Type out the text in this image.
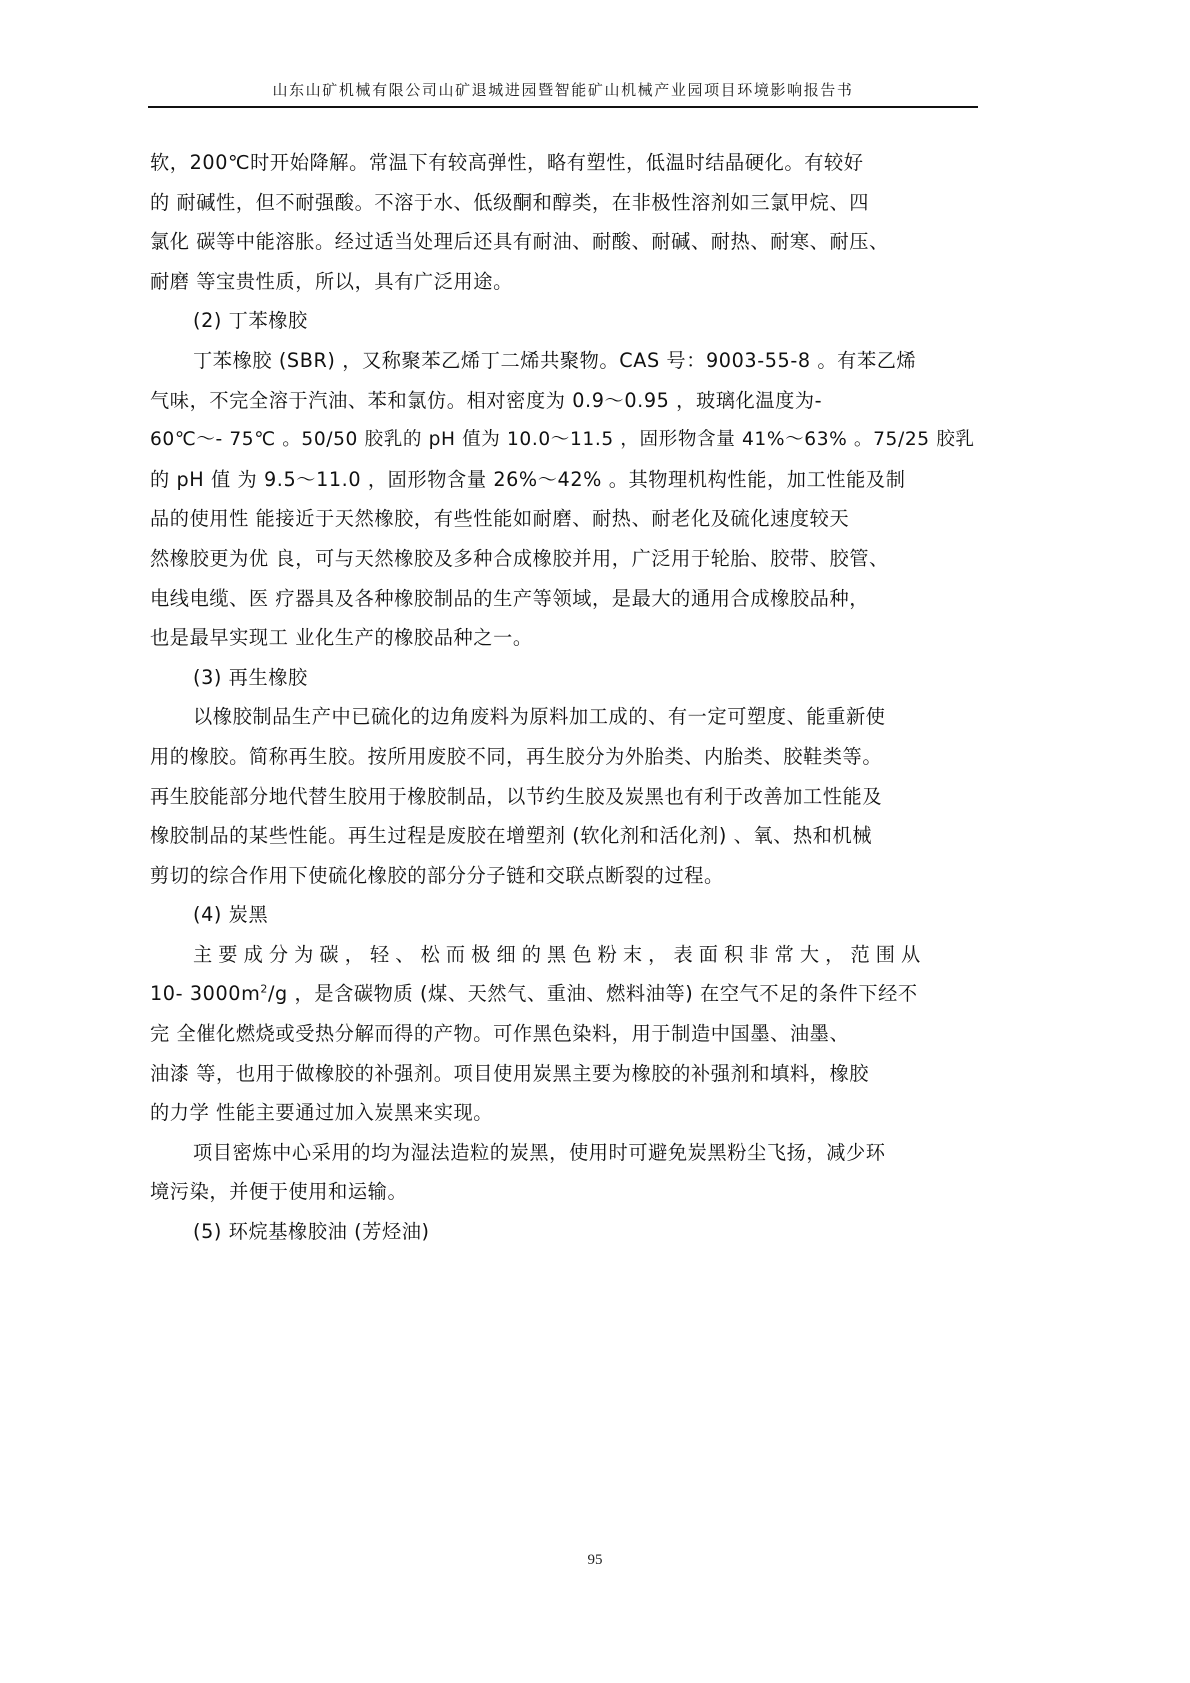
山东山矿机械有限公司山矿退城进园暨智能矿山机械产业园项目环境影响报告书
软，200℃时开始降解。常温下有较高弹性，略有塑性，低温时结晶硬化。有较好
的 耐碱性，但不耐强酸。不溶于水、低级酮和醇类，在非极性溶剂如三氯甲烷、四
氯化 碳等中能溶胀。经过适当处理后还具有耐油、耐酸、耐碱、耐热、耐寒、耐压、
耐磨 等宝贵性质，所以，具有广泛用途。
(2) 丁苯橡胶
丁苯橡胶 (SBR) ，又称聚苯乙烯丁二烯共聚物。CAS 号：9003-55-8 。有苯乙烯
气味，不完全溶于汽油、苯和氯仿。相对密度为 0.9～0.95 ，玻璃化温度为-
60℃～- 75℃ 。50/50 胶乳的 pH 值为 10.0～11.5 ，固形物含量 41%～63% 。75/25 胶乳
的 pH 值 为 9.5～11.0 ，固形物含量 26%～42% 。其物理机构性能，加工性能及制
品的使用性 能接近于天然橡胶，有些性能如耐磨、耐热、耐老化及硫化速度较天
然橡胶更为优 良，可与天然橡胶及多种合成橡胶并用，广泛用于轮胎、胶带、胶管、
电线电缆、医 疗器具及各种橡胶制品的生产等领域，是最大的通用合成橡胶品种，
也是最早实现工 业化生产的橡胶品种之一。
(3) 再生橡胶
以橡胶制品生产中已硫化的边角废料为原料加工成的、有一定可塑度、能重新使
用的橡胶。简称再生胶。按所用废胶不同，再生胶分为外胎类、内胎类、胶鞋类等。
再生胶能部分地代替生胶用于橡胶制品，以节约生胶及炭黑也有利于改善加工性能及
橡胶制品的某些性能。再生过程是废胶在增塑剂 (软化剂和活化剂) 、氧、热和机械
剪切的综合作用下使硫化橡胶的部分分子链和交联点断裂的过程。
(4) 炭黑
主 要 成 分 为 碳 ， 轻 、 松 而 极 细 的 黑 色 粉 末 ， 表 面 积 非 常 大 ， 范 围 从
10- $3000m^2/g$ ，是含碳物质 (煤、天然气、重油、燃料油等) 在空气不足的条件下经不
完 全催化燃烧或受热分解而得的产物。可作黑色染料，用于制造中国墨、油墨、
油漆 等，也用于做橡胶的补强剂。项目使用炭黑主要为橡胶的补强剂和填料，橡胶
的力学 性能主要通过加入炭黑来实现。
项目密炼中心采用的均为湿法造粒的炭黑，使用时可避免炭黑粉尘飞扬，减少环
境污染，并便于使用和运输。
(5) 环烷基橡胶油 (芳烃油)
95
